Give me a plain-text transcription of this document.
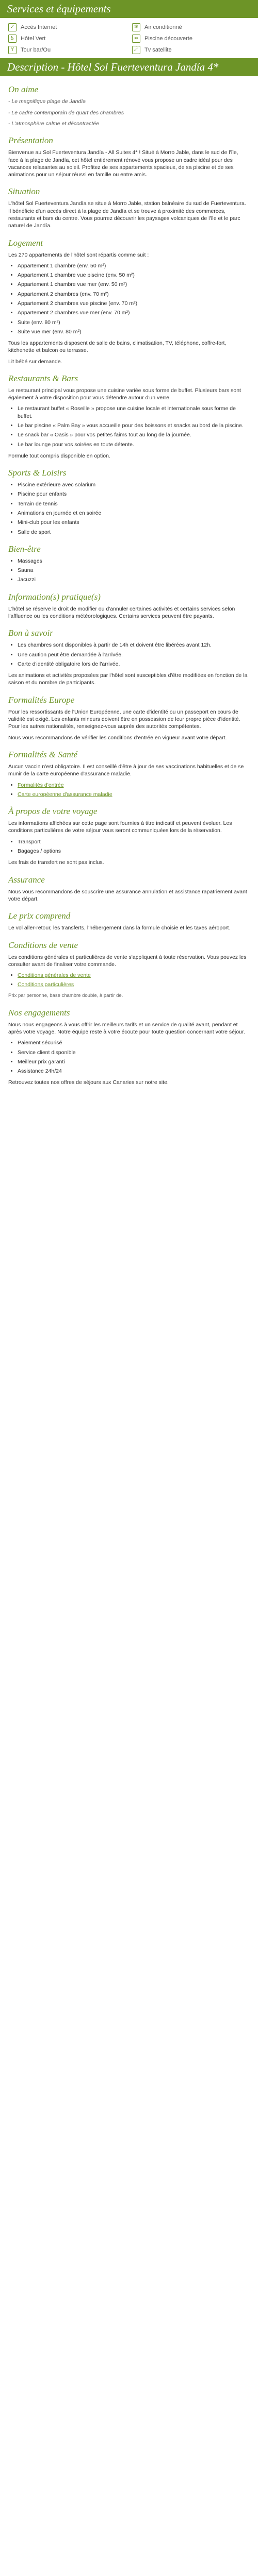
Services et équipements
✓	Accès Internet	❄	Air conditionné
♿	Hôtel Vert	≈	Piscine découverte
Y	Tour bar/Ou	☄	Tv satellite
Description - Hôtel Sol Fuerteventura Jandía 4*
On aime

- Le magnifique plage de Jandía

- Le cadre contemporain de quart des chambres

- L'atmosphère calme et décontractée

Présentation

Bienvenue au Sol Fuerteventura Jandía - All Suites 4* ! Situé à Morro Jable, dans le sud de l'île, face à la plage de Jandía, cet hôtel entièrement rénové vous propose un cadre idéal pour des vacances relaxantes au soleil. Profitez de ses appartements spacieux, de sa piscine et de ses animations pour un séjour réussi en famille ou entre amis.

Situation

L'hôtel Sol Fuerteventura Jandía se situe à Morro Jable, station balnéaire du sud de Fuerteventura. Il bénéficie d'un accès direct à la plage de Jandía et se trouve à proximité des commerces, restaurants et bars du centre. Vous pourrez découvrir les paysages volcaniques de l'île et le parc naturel de Jandía.

Logement

Les 270 appartements de l'hôtel sont répartis comme suit :

• Appartement 1 chambre (env. 50 m²)
• Appartement 1 chambre vue piscine (env. 50 m²)
• Appartement 1 chambre vue mer (env. 50 m²)
• Appartement 2 chambres (env. 70 m²)
• Appartement 2 chambres vue piscine (env. 70 m²)
• Appartement 2 chambres vue mer (env. 70 m²)
• Suite (env. 80 m²)
• Suite vue mer (env. 80 m²)

Tous les appartements disposent de salle de bains, climatisation, TV, téléphone, coffre-fort, kitchenette et balcon ou terrasse.

Lit bébé sur demande.

Restaurants & Bars

Le restaurant principal vous propose une cuisine variée sous forme de buffet. Plusieurs bars sont également à votre disposition pour vous détendre autour d'un verre.

• Le restaurant buffet « Roseille » propose une cuisine locale et internationale sous forme de buffet.
• Le bar piscine « Palm Bay » vous accueille pour des boissons et snacks au bord de la piscine.
• Le snack bar « Oasis » pour vos petites faims tout au long de la journée.
• Le bar lounge pour vos soirées en toute détente.

Formule tout compris disponible en option.

Sports & Loisirs
• Piscine extérieure avec solarium
• Piscine pour enfants
• Terrain de tennis
• Animations en journée et en soirée
• Mini-club pour les enfants
• Salle de sport
Bien-être
• Massages
• Sauna
• Jacuzzi
Information(s) pratique(s)

L'hôtel se réserve le droit de modifier ou d'annuler certaines activités et certains services selon l'affluence ou les conditions météorologiques. Certains services peuvent être payants.

Bon à savoir
• Les chambres sont disponibles à partir de 14h et doivent être libérées avant 12h.
• Une caution peut être demandée à l'arrivée.
• Carte d'identité obligatoire lors de l'arrivée.

Les animations et activités proposées par l'hôtel sont susceptibles d'être modifiées en fonction de la saison et du nombre de participants.

Formalités Europe

Pour les ressortissants de l'Union Européenne, une carte d'identité ou un passeport en cours de validité est exigé. Les enfants mineurs doivent être en possession de leur propre pièce d'identité. Pour les autres nationalités, renseignez-vous auprès des autorités compétentes.

Nous vous recommandons de vérifier les conditions d'entrée en vigueur avant votre départ.

Formalités & Santé

Aucun vaccin n'est obligatoire. Il est conseillé d'être à jour de ses vaccinations habituelles et de se munir de la carte européenne d'assurance maladie.

• Formalités d'entrée
• Carte européenne d'assurance maladie
À propos de votre voyage

Les informations affichées sur cette page sont fournies à titre indicatif et peuvent évoluer. Les conditions particulières de votre séjour vous seront communiquées lors de la réservation.

• Transport
• Bagages / options

Les frais de transfert ne sont pas inclus.

Assurance

Nous vous recommandons de souscrire une assurance annulation et assistance rapatriement avant votre départ.

Le prix comprend

Le vol aller-retour, les transferts, l'hébergement dans la formule choisie et les taxes aéroport.

Conditions de vente

Les conditions générales et particulières de vente s'appliquent à toute réservation. Vous pouvez les consulter avant de finaliser votre commande.

• Conditions générales de vente
• Conditions particulières

Prix par personne, base chambre double, à partir de.

Nos engagements

Nous nous engageons à vous offrir les meilleurs tarifs et un service de qualité avant, pendant et après votre voyage. Notre équipe reste à votre écoute pour toute question concernant votre séjour.

• Paiement sécurisé
• Service client disponible
• Meilleur prix garanti
• Assistance 24h/24

Retrouvez toutes nos offres de séjours aux Canaries sur notre site.
